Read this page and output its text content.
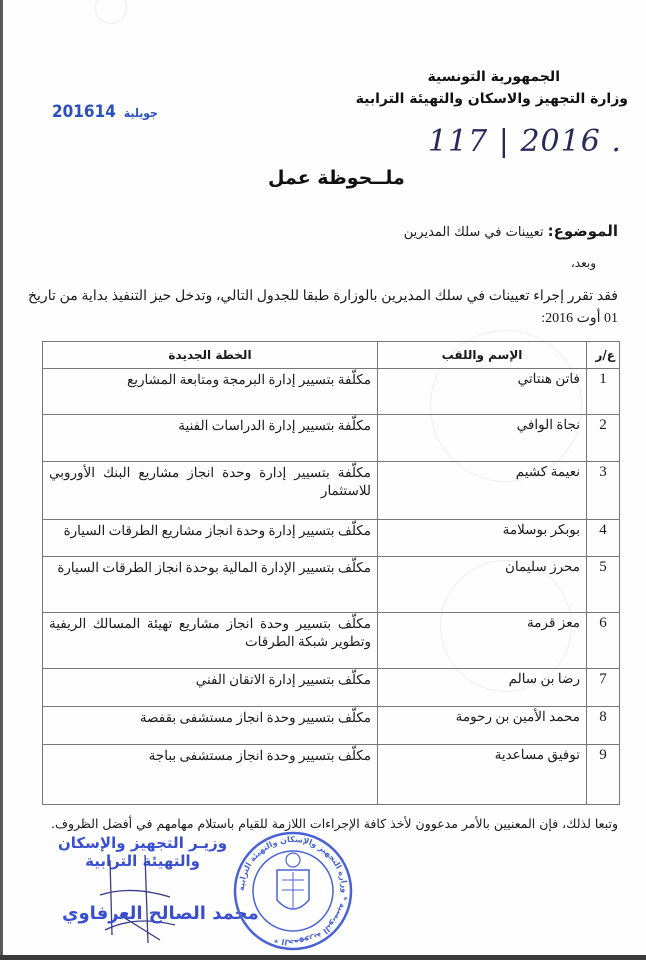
الجمهورية التونسية
وزارة التجهيز والاسكان والتهيئة الترابية
2016 جويلية14
117 | 2016 .
ملــحوظة عمل
الموضوع: تعيينات في سلك المديرين
وبعد،
فقد تقرر إجراء تعيينات في سلك المديرين بالوزارة طبقا للجدول التالي، وتدخل حيز التنفيذ بداية من تاريخ 01 أوت 2016:
ع/ر	الإسم واللقب	الخطة الجديدة
1	فاتن هنتاتي	مكلّفة بتسيير إدارة البرمجة ومتابعة المشاريع
2	نجاة الوافي	مكلّفة بتسيير إدارة الدراسات الفنية
3	نعيمة كشيم	مكلّفة بتسيير إدارة وحدة انجاز مشاريع البنك الأوروبي للاستثمار
4	بوبكر بوسلامة	مكلّف بتسيير إدارة وحدة انجاز مشاريع الطرقات السيارة
5	محرز سليمان	مكلّف بتسيير الإدارة المالية بوحدة انجاز الطرقات السيارة
6	معز قرمة	مكلّف بتسيير وحدة انجاز مشاريع تهيئة المسالك الريفية وتطوير شبكة الطرقات
7	رضا بن سالم	مكلّف بتسيير إدارة الاتقان الفني
8	محمد الأمين بن رحومة	مكلّف بتسيير وحدة انجاز مستشفى بقفصة
9	توفيق مساعدية	مكلّف بتسيير وحدة انجاز مستشفى بباجة
وتبعا لذلك، فإن المعنيين بالأمر مدعوون لأخذ كافة الإجراءات اللازمة للقيام باستلام مهامهم في أفضل الظروف.
وزيـر التجهيز والإسكان
والتهيئة الترابية
محمد الصالح العرفاوي
الجمهورية التونسية * وزارة التجهيز والإسكان والتهيئة الترابية *
